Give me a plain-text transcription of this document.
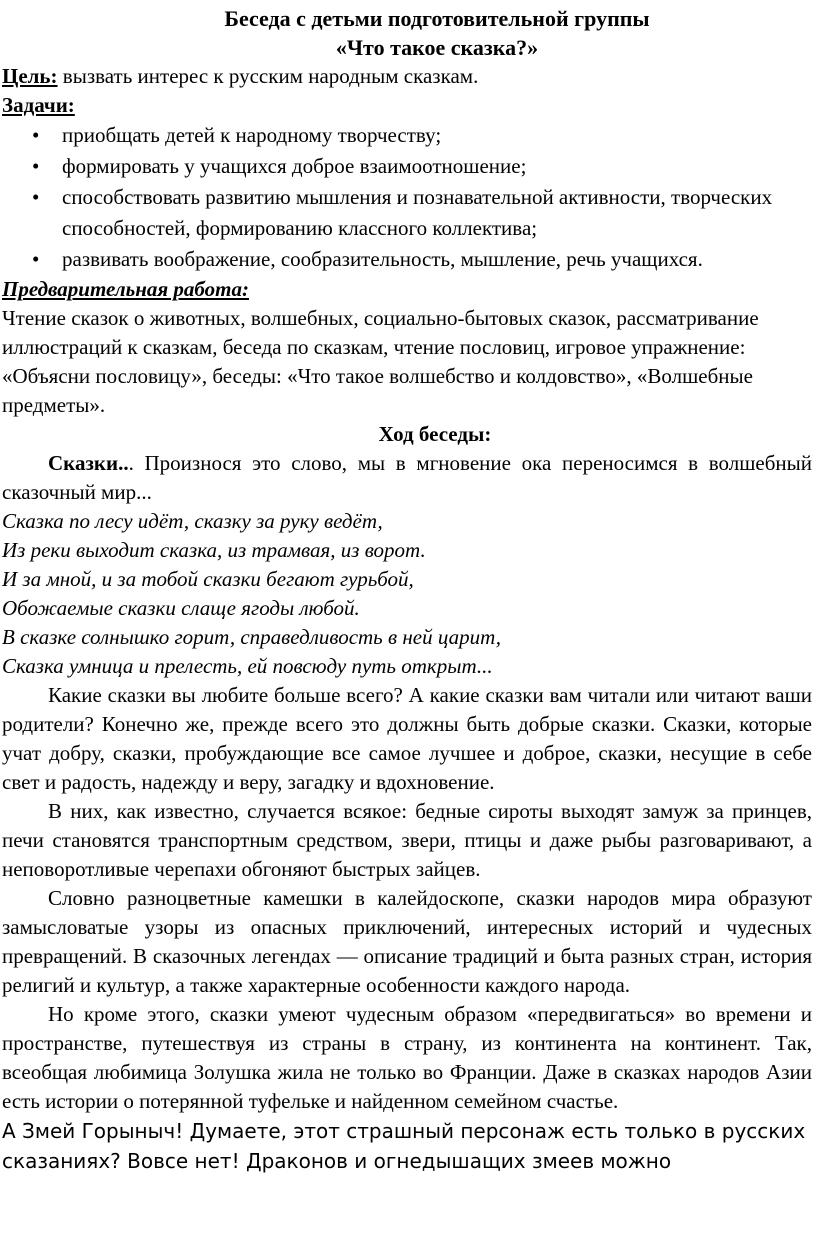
Беседа с детьми подготовительной группы

«Что такое сказка?»

Цель: вызвать интерес к русским народным сказкам.

Задачи:

• приобщать детей к народному творчеству;
• формировать у учащихся доброе взаимоотношение;
• способствовать развитию мышления и познавательной активности, творческих способностей, формированию классного коллектива;
• развивать воображение, сообразительность, мышление, речь учащихся.

Предварительная работа:

Чтение сказок о животных, волшебных, социально-бытовых сказок, рассматривание иллюстраций к сказкам, беседа по сказкам, чтение пословиц, игровое упражнение: «Объясни пословицу», беседы: «Что такое волшебство и колдовство», «Волшебные предметы».

Ход беседы:

Сказки... Произнося это слово, мы в мгновение ока переносимся в волшебный сказочный мир...

Сказка по лесу идёт, сказку за руку ведёт,
Из реки выходит сказка, из трамвая, из ворот.
И за мной, и за тобой сказки бегают гурьбой,
Обожаемые сказки слаще ягоды любой.
В сказке солнышко горит, справедливость в ней царит,
Сказка умница и прелесть, ей повсюду путь открыт...

Какие сказки вы любите больше всего? А какие сказки вам читали или читают ваши родители? Конечно же, прежде всего это должны быть добрые сказки. Сказки, которые учат добру, сказки, пробуждающие все самое лучшее и доброе, сказки, несущие в себе свет и радость, надежду и веру, загадку и вдохновение.

В них, как известно, случается всякое: бедные сироты выходят замуж за принцев, печи становятся транспортным средством, звери, птицы и даже рыбы разговаривают, а неповоротливые черепахи обгоняют быстрых зайцев.

Словно разноцветные камешки в калейдоскопе, сказки народов мира образуют замысловатые узоры из опасных приключений, интересных историй и чудесных превращений. В сказочных легендах — описание традиций и быта разных стран, история религий и культур, а также характерные особенности каждого народа.

Но кроме этого, сказки умеют чудесным образом «передвигаться» во времени и пространстве, путешествуя из страны в страну, из континента на континент. Так, всеобщая любимица Золушка жила не только во Франции. Даже в сказках народов Азии есть истории о потерянной туфельке и найденном семейном счастье.

А Змей Горыныч! Думаете, этот страшный персонаж есть только в русских

сказаниях? Вовсе нет! Драконов и огнедышащих змеев можно
